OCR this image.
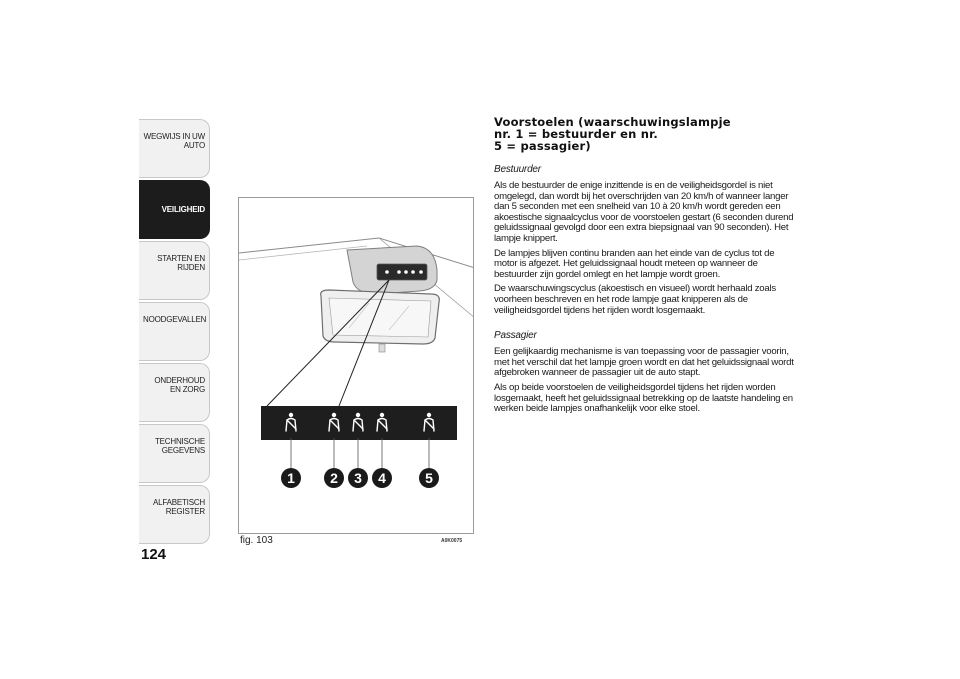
WEGWIJS IN UW AUTO
VEILIGHEID
STARTEN EN RIJDEN
NOODGEVALLEN
ONDERHOUD EN ZORG
TECHNISCHE GEGEVENS
ALFABETISCH REGISTER
124
1	2 3 4	5
fig. 103	A0K0075
Voorstoelen (waarschuwingslampje
nr. 1 = bestuurder en nr.
5 = passagier)
Bestuurder

Als de bestuurder de enige inzittende is en de veiligheidsgordel is niet omgelegd, dan wordt bij het overschrijden van 20 km/h of wanneer langer dan 5 seconden met een snelheid van 10 à 20 km/h wordt gereden een akoestische signaalcyclus voor de voorstoelen gestart (6 seconden durend geluidssignaal gevolgd door een extra biepsignaal van 90 seconden). Het lampje knippert.

De lampjes blijven continu branden aan het einde van de cyclus tot de motor is afgezet. Het geluidssignaal houdt meteen op wanneer de bestuurder zijn gordel omlegt en het lampje wordt groen.

De waarschuwingscyclus (akoestisch en visueel) wordt herhaald zoals voorheen beschreven en het rode lampje gaat knipperen als de veiligheidsgordel tijdens het rijden wordt losgemaakt.

Passagier

Een gelijkaardig mechanisme is van toepassing voor de passagier voorin, met het verschil dat het lampje groen wordt en dat het geluidssignaal wordt afgebroken wanneer de passagier uit de auto stapt.

Als op beide voorstoelen de veiligheidsgordel tijdens het rijden worden losgemaakt, heeft het geluidssignaal betrekking op de laatste handeling en werken beide lampjes onafhankelijk voor elke stoel.
